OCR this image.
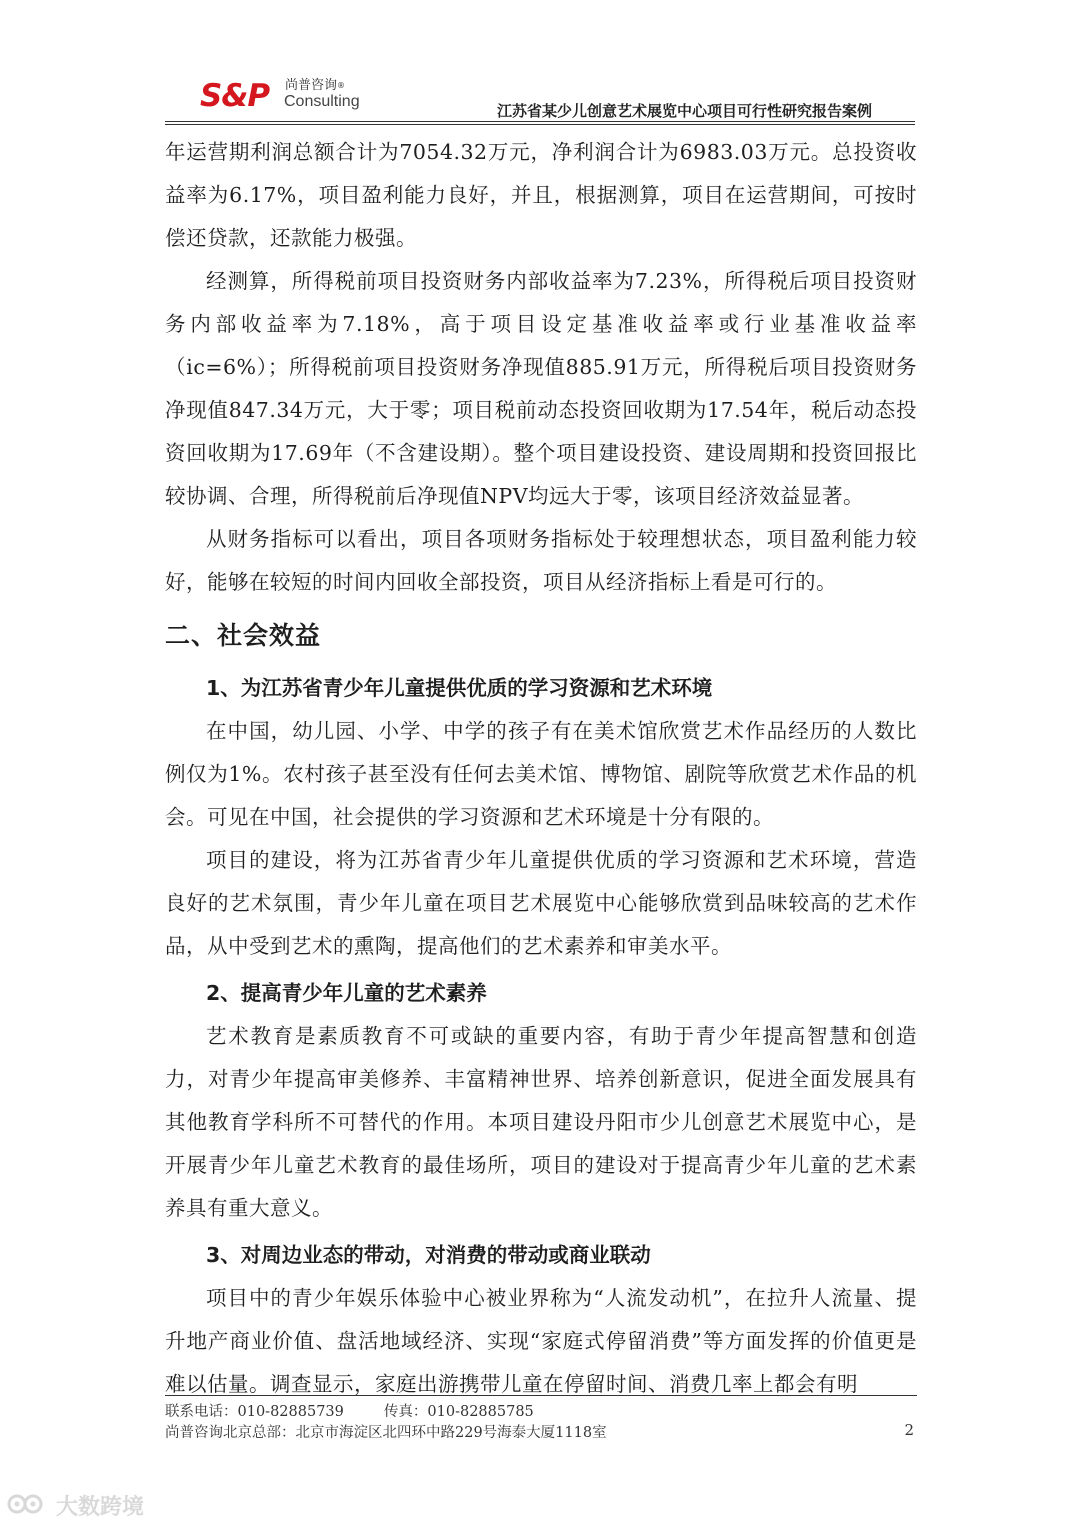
S&P 尚普咨询®
Consulting
江苏省某少儿创意艺术展览中心项目可行性研究报告案例

年运营期利润总额合计为7054.32万元，净利润合计为6983.03万元。总投资收益率为6.17%，项目盈利能力良好，并且，根据测算，项目在运营期间，可按时偿还贷款，还款能力极强。

经测算，所得税前项目投资财务内部收益率为7.23%，所得税后项目投资财务内部收益率为7.18%，高于项目设定基准收益率或行业基准收益率（ic=6%）；所得税前项目投资财务净现值885.91万元，所得税后项目投资财务净现值847.34万元，大于零；项目税前动态投资回收期为17.54年，税后动态投资回收期为17.69年（不含建设期）。整个项目建设投资、建设周期和投资回报比较协调、合理，所得税前后净现值NPV均远大于零，该项目经济效益显著。

从财务指标可以看出，项目各项财务指标处于较理想状态，项目盈利能力较好，能够在较短的时间内回收全部投资，项目从经济指标上看是可行的。

二、社会效益
1、为江苏省青少年儿童提供优质的学习资源和艺术环境

在中国，幼儿园、小学、中学的孩子有在美术馆欣赏艺术作品经历的人数比例仅为1%。农村孩子甚至没有任何去美术馆、博物馆、剧院等欣赏艺术作品的机会。可见在中国，社会提供的学习资源和艺术环境是十分有限的。

项目的建设，将为江苏省青少年儿童提供优质的学习资源和艺术环境，营造良好的艺术氛围，青少年儿童在项目艺术展览中心能够欣赏到品味较高的艺术作品，从中受到艺术的熏陶，提高他们的艺术素养和审美水平。

2、提高青少年儿童的艺术素养

艺术教育是素质教育不可或缺的重要内容，有助于青少年提高智慧和创造力，对青少年提高审美修养、丰富精神世界、培养创新意识，促进全面发展具有其他教育学科所不可替代的作用。本项目建设丹阳市少儿创意艺术展览中心，是开展青少年儿童艺术教育的最佳场所，项目的建设对于提高青少年儿童的艺术素养具有重大意义。

3、对周边业态的带动，对消费的带动或商业联动

项目中的青少年娱乐体验中心被业界称为“人流发动机”，在拉升人流量、提升地产商业价值、盘活地域经济、实现“家庭式停留消费”等方面发挥的价值更是难以估量。调查显示，家庭出游携带儿童在停留时间、消费几率上都会有明

联系电话：010-82885739	传真：010-82885785
尚普咨询北京总部：北京市海淀区北四环中路229号海泰大厦1118室	2
大数跨境
